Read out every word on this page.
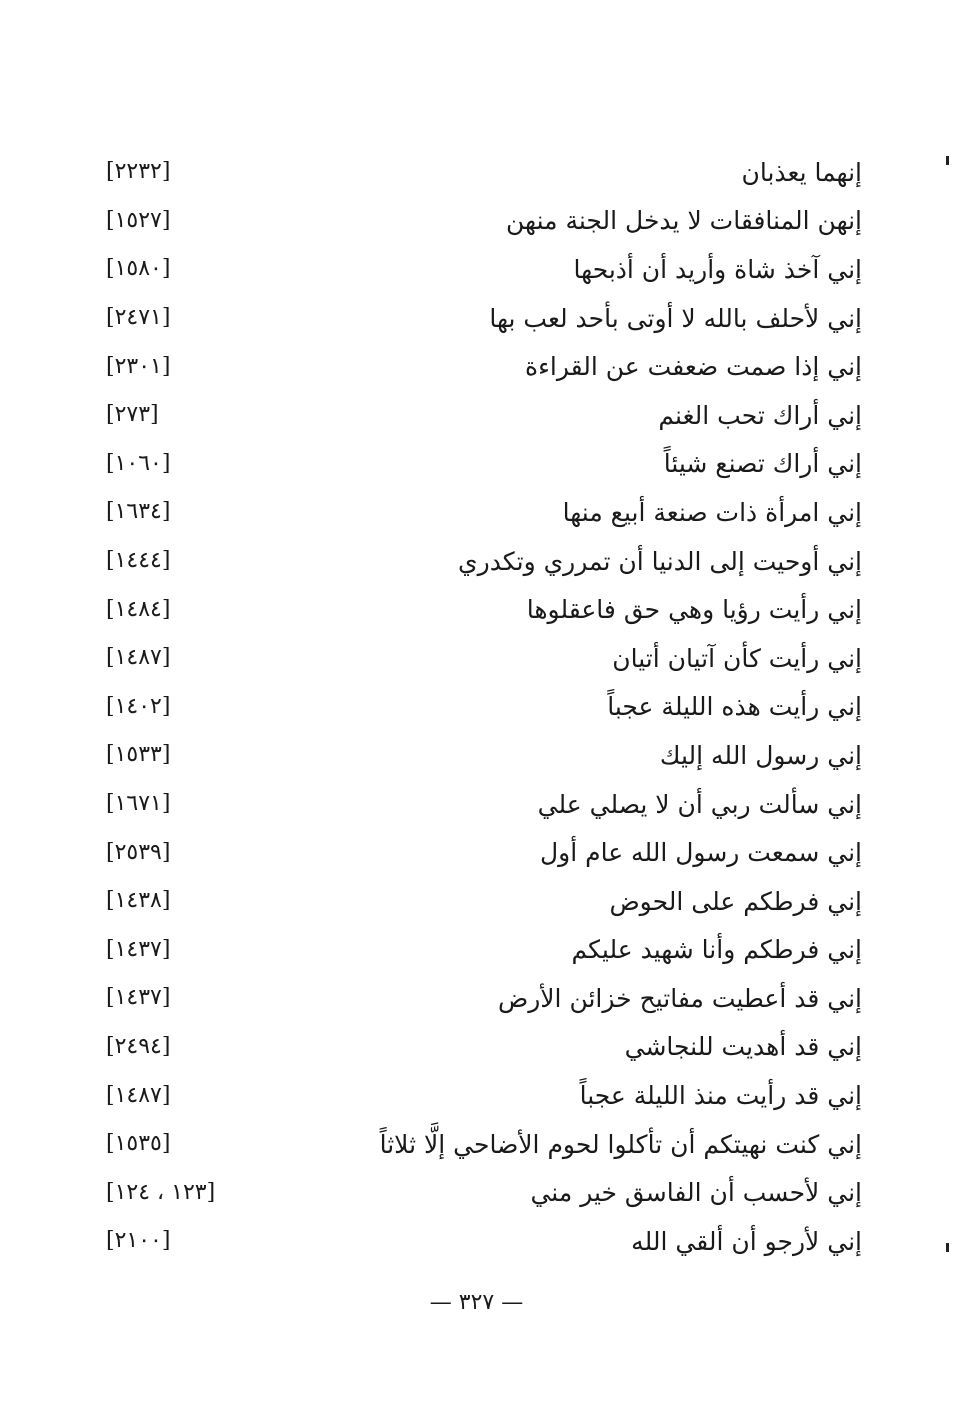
إنهما يعذبان
[٢٢٣٢]
إنهن المنافقات لا يدخل الجنة منهن
[١٥٢٧]
إني آخذ شاة وأريد أن أذبحها
[١٥٨٠]
إني لأحلف بالله لا أوتى بأحد لعب بها
[٢٤٧١]
إني إذا صمت ضعفت عن القراءة
[٢٣٠١]
إني أراك تحب الغنم
[٢٧٣]
إني أراك تصنع شيئاً
[١٠٦٠]
إني امرأة ذات صنعة أبيع منها
[١٦٣٤]
إني أوحيت إلى الدنيا أن تمرري وتكدري
[١٤٤٤]
إني رأيت رؤيا وهي حق فاعقلوها
[١٤٨٤]
إني رأيت كأن آتيان أتيان
[١٤٨٧]
إني رأيت هذه الليلة عجباً
[١٤٠٢]
إني رسول الله إليك
[١٥٣٣]
إني سألت ربي أن لا يصلي علي
[١٦٧١]
إني سمعت رسول الله عام أول
[٢٥٣٩]
إني فرطكم على الحوض
[١٤٣٨]
إني فرطكم وأنا شهيد عليكم
[١٤٣٧]
إني قد أعطيت مفاتيح خزائن الأرض
[١٤٣٧]
إني قد أهديت للنجاشي
[٢٤٩٤]
إني قد رأيت منذ الليلة عجباً
[١٤٨٧]
إني كنت نهيتكم أن تأكلوا لحوم الأضاحي إلَّا ثلاثاً
[١٥٣٥]
إني لأحسب أن الفاسق خير مني
[١٢٣ ، ١٢٤]
إني لأرجو أن ألقي الله
[٢١٠٠]
— ٣٢٧ —
